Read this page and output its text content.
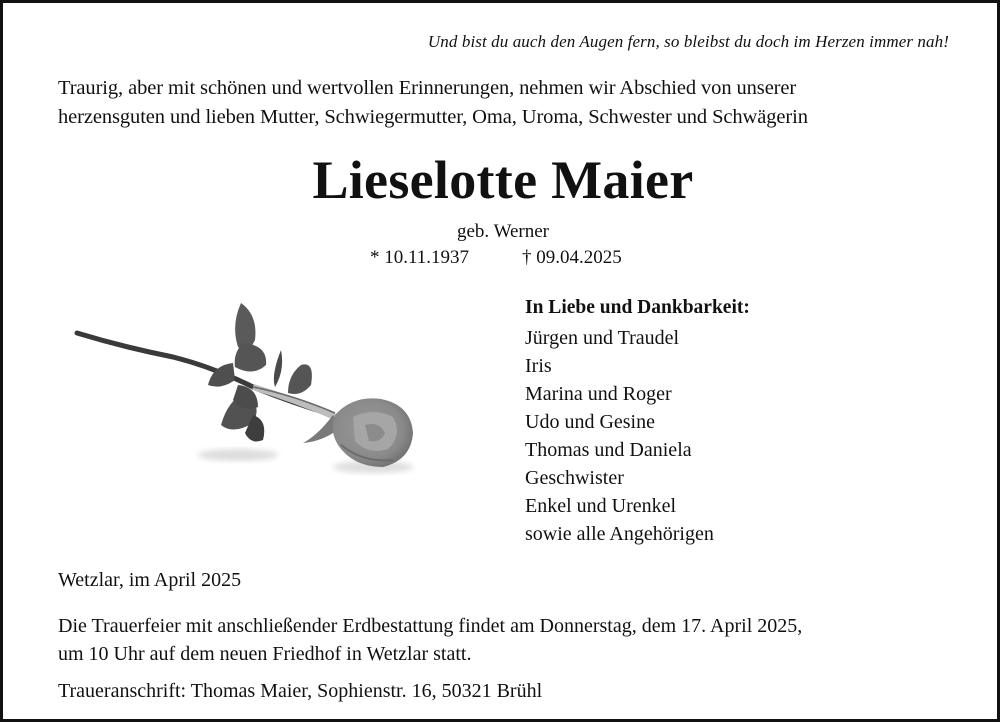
Und bist du auch den Augen fern, so bleibst du doch im Herzen immer nah!
Traurig, aber mit schönen und wertvollen Erinnerungen, nehmen wir Abschied von unserer
herzensguten und lieben Mutter, Schwiegermutter, Oma, Uroma, Schwester und Schwägerin
Lieselotte Maier
geb. Werner
* 10.11.1937	† 09.04.2025
In Liebe und Dankbarkeit:
Jürgen und Traudel
Iris
Marina und Roger
Udo und Gesine
Thomas und Daniela
Geschwister
Enkel und Urenkel
sowie alle Angehörigen
Wetzlar, im April 2025
Die Trauerfeier mit anschließender Erdbestattung findet am Donnerstag, dem 17. April 2025,
um 10 Uhr auf dem neuen Friedhof in Wetzlar statt.
Traueranschrift: Thomas Maier, Sophienstr. 16, 50321 Brühl
